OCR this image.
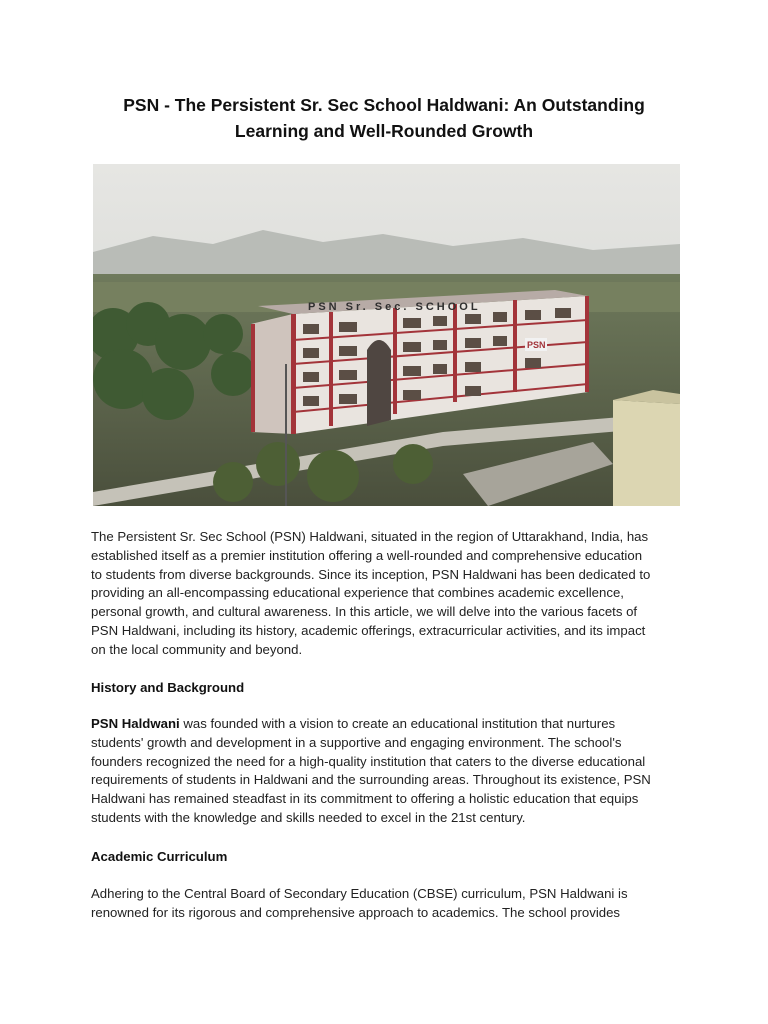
PSN - The Persistent Sr. Sec School Haldwani: An Outstanding
Learning and Well-Rounded Growth
PSN Sr. Sec. SCHOOL
PSN

The Persistent Sr. Sec School (PSN) Haldwani, situated in the region of Uttarakhand, India, has
established itself as a premier institution offering a well-rounded and comprehensive education
to students from diverse backgrounds. Since its inception, PSN Haldwani has been dedicated to
providing an all-encompassing educational experience that combines academic excellence,
personal growth, and cultural awareness. In this article, we will delve into the various facets of
PSN Haldwani, including its history, academic offerings, extracurricular activities, and its impact
on the local community and beyond.

History and Background

PSN Haldwani was founded with a vision to create an educational institution that nurtures
students' growth and development in a supportive and engaging environment. The school's
founders recognized the need for a high-quality institution that caters to the diverse educational
requirements of students in Haldwani and the surrounding areas. Throughout its existence, PSN
Haldwani has remained steadfast in its commitment to offering a holistic education that equips
students with the knowledge and skills needed to excel in the 21st century.

Academic Curriculum

Adhering to the Central Board of Secondary Education (CBSE) curriculum, PSN Haldwani is
renowned for its rigorous and comprehensive approach to academics. The school provides
